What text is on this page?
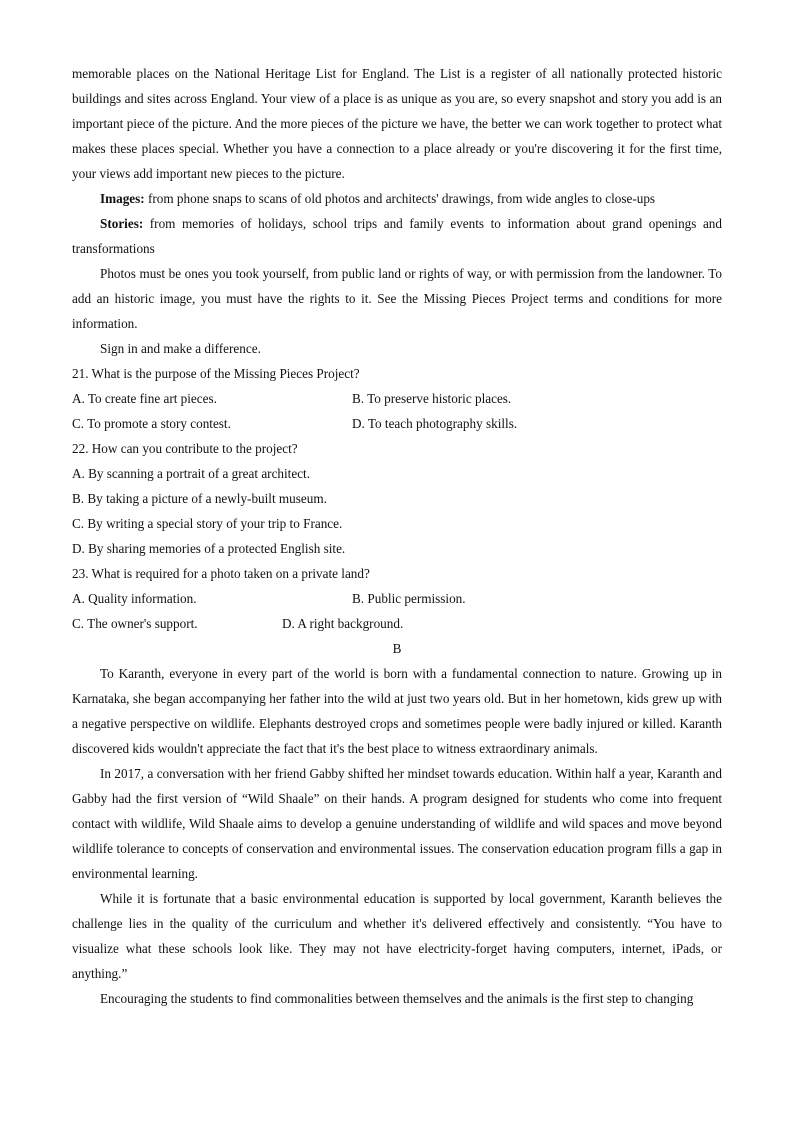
memorable places on the National Heritage List for England. The List is a register of all nationally protected historic buildings and sites across England. Your view of a place is as unique as you are, so every snapshot and story you add is an important piece of the picture. And the more pieces of the picture we have, the better we can work together to protect what makes these places special. Whether you have a connection to a place already or you're discovering it for the first time, your views add important new pieces to the picture.

Images: from phone snaps to scans of old photos and architects' drawings, from wide angles to close-ups

Stories: from memories of holidays, school trips and family events to information about grand openings and transformations

Photos must be ones you took yourself, from public land or rights of way, or with permission from the landowner. To add an historic image, you must have the rights to it. See the Missing Pieces Project terms and conditions for more information.

Sign in and make a difference.

21. What is the purpose of the Missing Pieces Project?

A. To create fine art pieces.	B. To preserve historic places.
C. To promote a story contest.	D. To teach photography skills.

22. How can you contribute to the project?

A. By scanning a portrait of a great architect.

B. By taking a picture of a newly-built museum.

C. By writing a special story of your trip to France.

D. By sharing memories of a protected English site.

23. What is required for a photo taken on a private land?

A. Quality information.	B. Public permission.
C. The owner's support.	D. A right background.

B

To Karanth, everyone in every part of the world is born with a fundamental connection to nature. Growing up in Karnataka, she began accompanying her father into the wild at just two years old. But in her hometown, kids grew up with a negative perspective on wildlife. Elephants destroyed crops and sometimes people were badly injured or killed. Karanth discovered kids wouldn't appreciate the fact that it's the best place to witness extraordinary animals.

In 2017, a conversation with her friend Gabby shifted her mindset towards education. Within half a year, Karanth and Gabby had the first version of “Wild Shaale” on their hands. A program designed for students who come into frequent contact with wildlife, Wild Shaale aims to develop a genuine understanding of wildlife and wild spaces and move beyond wildlife tolerance to concepts of conservation and environmental issues. The conservation education program fills a gap in environmental learning.

While it is fortunate that a basic environmental education is supported by local government, Karanth believes the challenge lies in the quality of the curriculum and whether it's delivered effectively and consistently. “You have to visualize what these schools look like. They may not have electricity-forget having computers, internet, iPads, or anything.”

Encouraging the students to find commonalities between themselves and the animals is the first step to changing
